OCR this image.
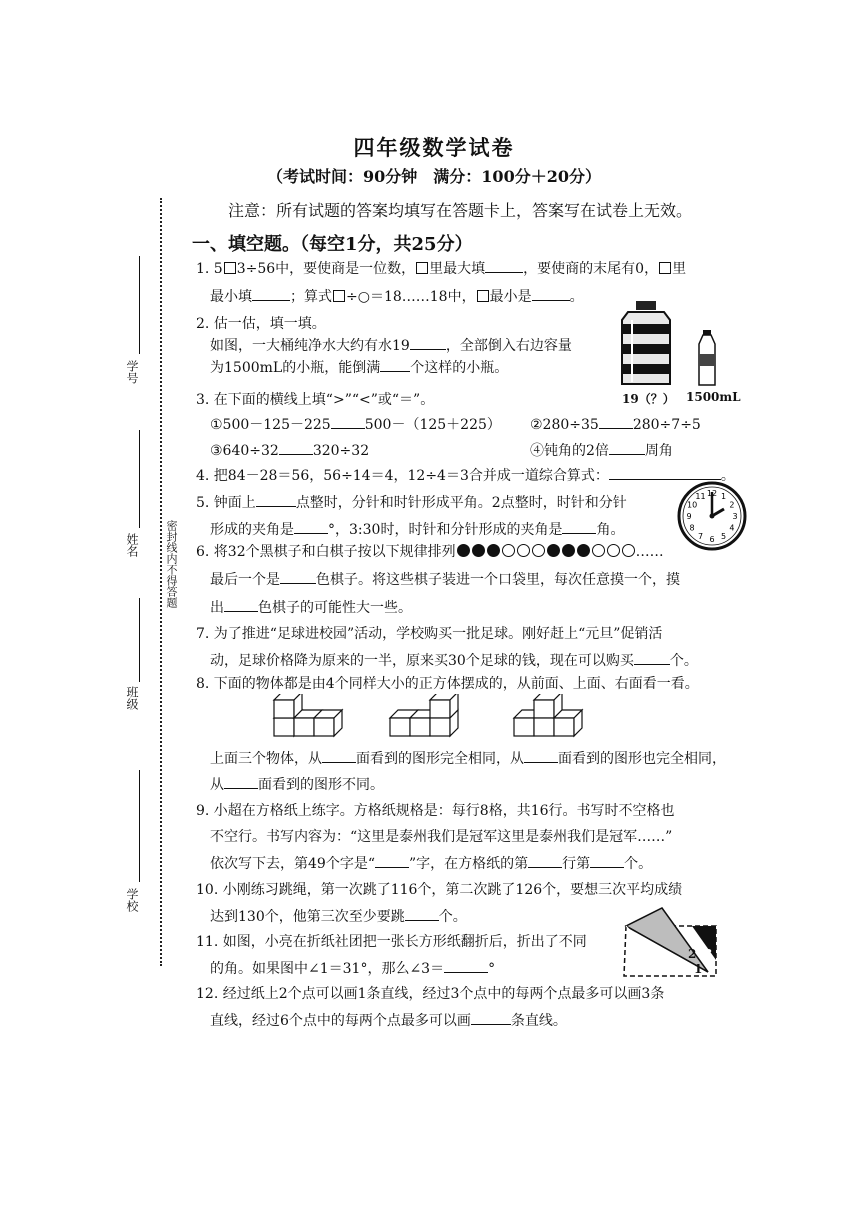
四年级数学试卷
（考试时间：90分钟　满分：100分＋20分）
注意：所有试题的答案均填写在答题卡上，答案写在试卷上无效。
密封线内不得答题
学号
姓名
班级
学校
一、填空题。（每空1分，共25分）
1. 5 3÷56中，要使商是一位数， 里最大填	，要使商的末尾有0， 里
最小填	；算式 ÷○＝18……18中， 最小是	。
2. 估一估，填一填。
如图，一大桶纯净水大约有水19	，全部倒入右边容量
为1500mL的小瓶，能倒满 个这样的小瓶。
19（？） 1500mL
3. 在下面的横线上填“>”“<”或“＝”。
①500－125－225 500－（125＋225） ②280÷35 280÷7÷5
③640÷32 320÷32	④钝角的2倍	周角
4. 把84－28＝56，56÷14＝4，12÷4＝3合并成一道综合算式：	。
5. 钟面上	点整时，分针和时针形成平角。2点整时，时针和分针
形成的夹角是 °，3:30时，时针和分针形成的夹角是 角。
12 1
2
3
4
5
6
7
8
9
10
11
6. 将32个黑棋子和白棋子按以下规律排列	……
最后一个是	色棋子。将这些棋子装进一个口袋里，每次任意摸一个，摸
出 色棋子的可能性大一些。
7. 为了推进“足球进校园”活动，学校购买一批足球。刚好赶上“元旦”促销活
动，足球价格降为原来的一半，原来买30个足球的钱，现在可以购买	个。
8. 下面的物体都是由4个同样大小的正方体摆成的，从前面、上面、右面看一看。
上面三个物体，从 面看到的图形完全相同，从 面看到的图形也完全相同，
从 面看到的图形不同。
9. 小超在方格纸上练字。方格纸规格是：每行8格，共16行。书写时不空格也
不空行。书写内容为：“这里是泰州我们是冠军这里是泰州我们是冠军……”
依次写下去，第49个字是“ ”字，在方格纸的第 行第 个。
10. 小刚练习跳绳，第一次跳了116个，第二次跳了126个，要想三次平均成绩
达到130个，他第三次至少要跳 个。
11. 如图，小亮在折纸社团把一张长方形纸翻折后，折出了不同
的角。如果图中∠1＝31°，那么∠3＝	°
2 3
1
12. 经过纸上2个点可以画1条直线，经过3个点中的每两个点最多可以画3条
直线，经过6个点中的每两个点最多可以画	条直线。
